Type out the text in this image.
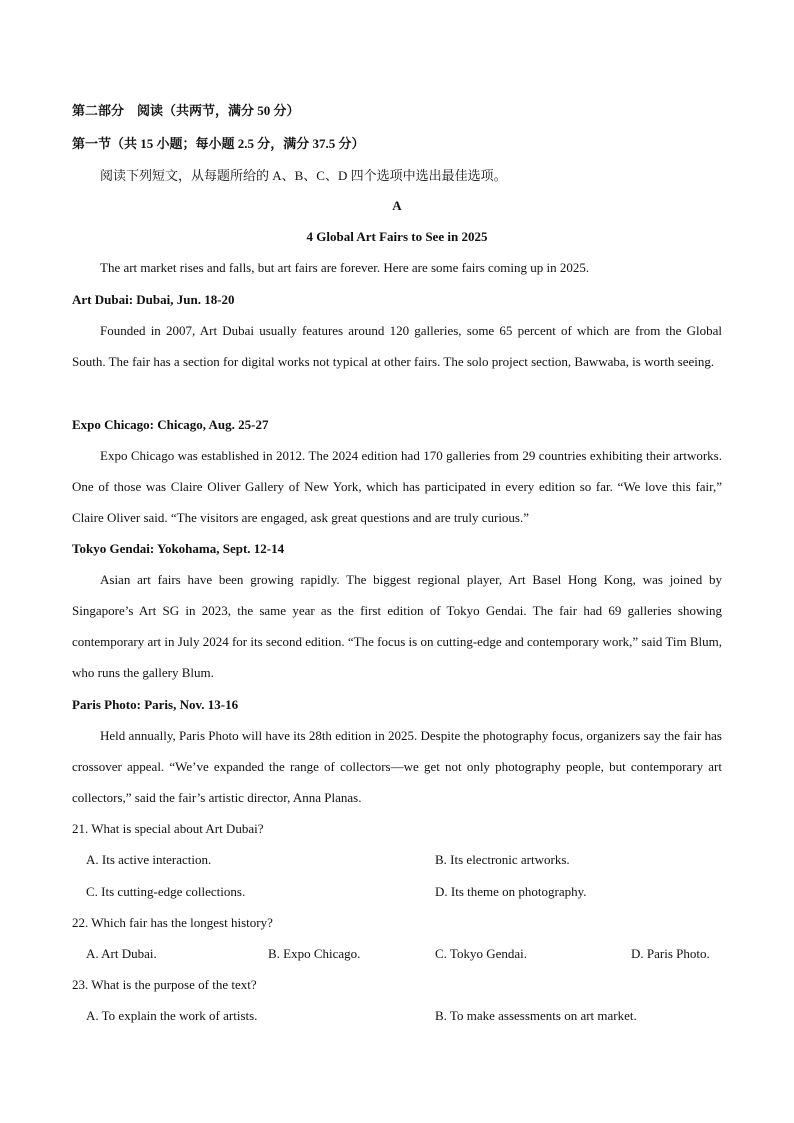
第二部分　阅读（共两节，满分 50 分）
第一节（共 15 小题；每小题 2.5 分，满分 37.5 分）
阅读下列短文，从每题所给的 A、B、C、D 四个选项中选出最佳选项。
A
4 Global Art Fairs to See in 2025
The art market rises and falls, but art fairs are forever. Here are some fairs coming up in 2025.
Art Dubai: Dubai, Jun. 18-20
Founded in 2007, Art Dubai usually features around 120 galleries, some 65 percent of which are from the Global South. The fair has a section for digital works not typical at other fairs. The solo project section, Bawwaba, is worth seeing.
Expo Chicago: Chicago, Aug. 25-27
Expo Chicago was established in 2012. The 2024 edition had 170 galleries from 29 countries exhibiting their artworks. One of those was Claire Oliver Gallery of New York, which has participated in every edition so far. “We love this fair,” Claire Oliver said. “The visitors are engaged, ask great questions and are truly curious.”
Tokyo Gendai: Yokohama, Sept. 12-14
Asian art fairs have been growing rapidly. The biggest regional player, Art Basel Hong Kong, was joined by Singapore’s Art SG in 2023, the same year as the first edition of Tokyo Gendai. The fair had 69 galleries showing contemporary art in July 2024 for its second edition. “The focus is on cutting-edge and contemporary work,” said Tim Blum, who runs the gallery Blum.
Paris Photo: Paris, Nov. 13-16
Held annually, Paris Photo will have its 28th edition in 2025. Despite the photography focus, organizers say the fair has crossover appeal. “We’ve expanded the range of collectors—we get not only photography people, but contemporary art collectors,” said the fair’s artistic director, Anna Planas.
21. What is special about Art Dubai?
A. Its active interaction.	B. Its electronic artworks.
C. Its cutting-edge collections.	D. Its theme on photography.
22. Which fair has the longest history?
A. Art Dubai.	B. Expo Chicago.	C. Tokyo Gendai.	D. Paris Photo.
23. What is the purpose of the text?
A. To explain the work of artists.	B. To make assessments on art market.
